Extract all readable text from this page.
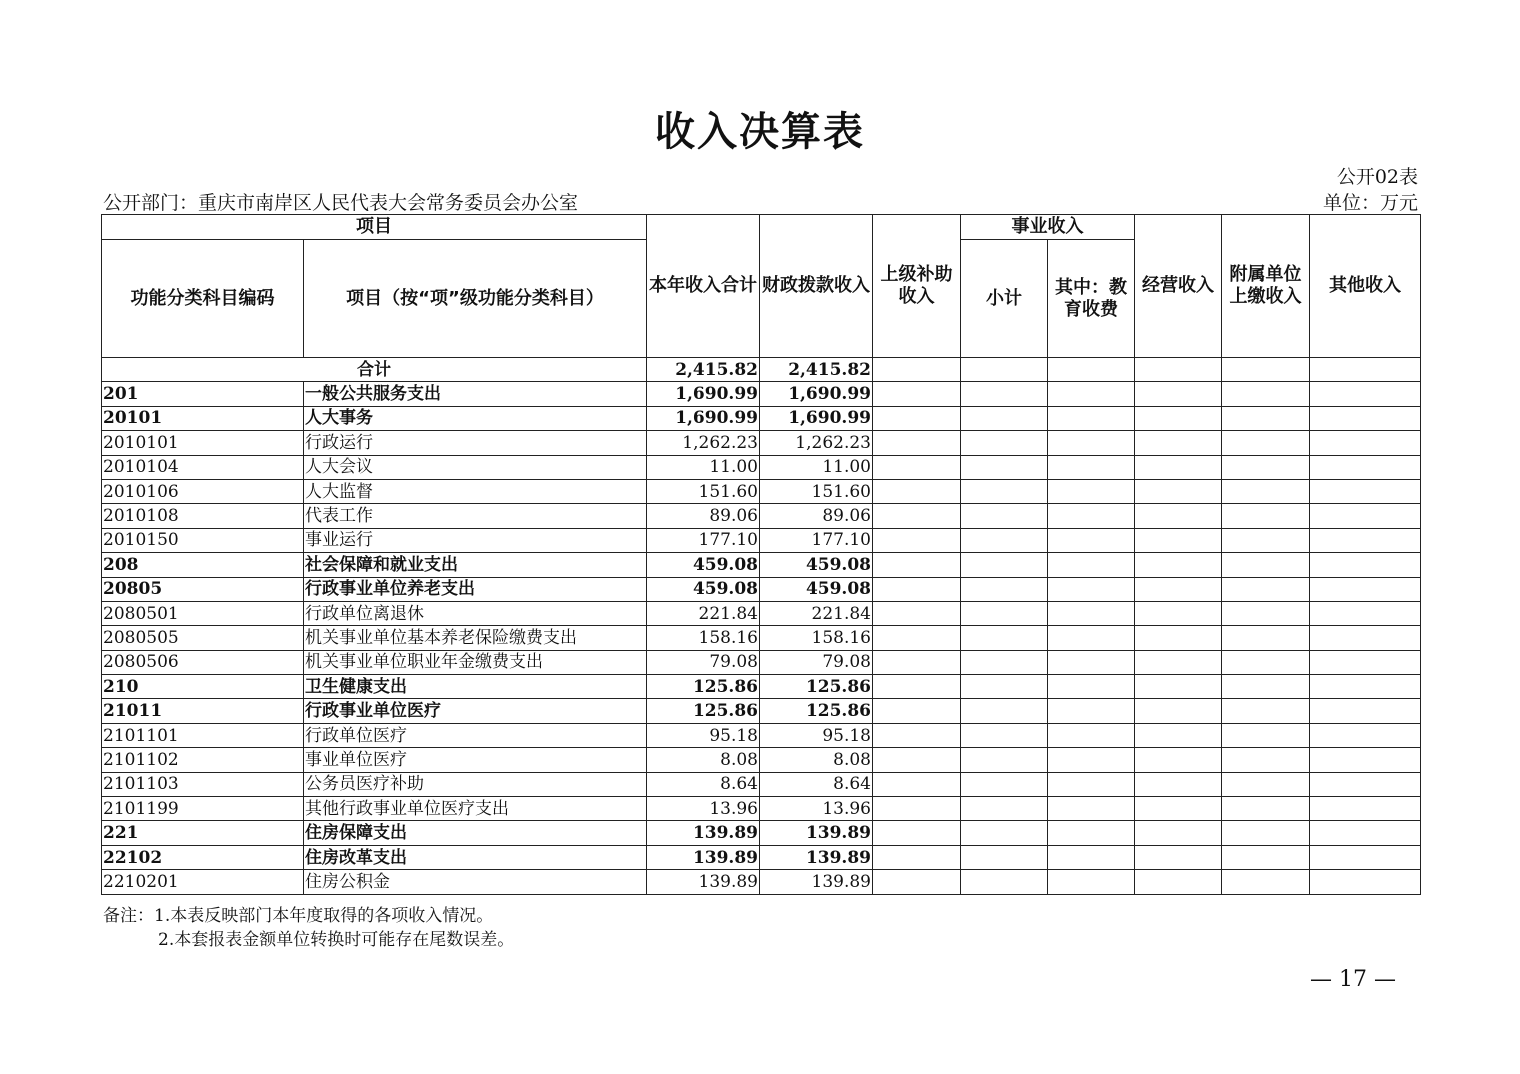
收入决算表
公开02表
公开部门：重庆市南岸区人民代表大会常务委员会办公室	单位：万元
项目		本年收入合计	财政拨款收入	上级补助收入	事业收入		经营收入	附属单位上缴收入	其他收入
功能分类科目编码	项目（按“项”级功能分类科目）				小计	其中：教育收费			
合计		2,415.82	2,415.82						
201	一般公共服务支出	1,690.99	1,690.99						
20101	人大事务	1,690.99	1,690.99						
2010101	行政运行	1,262.23	1,262.23						
2010104	人大会议	11.00	11.00						
2010106	人大监督	151.60	151.60						
2010108	代表工作	89.06	89.06						
2010150	事业运行	177.10	177.10						
208	社会保障和就业支出	459.08	459.08						
20805	行政事业单位养老支出	459.08	459.08						
2080501	行政单位离退休	221.84	221.84						
2080505	机关事业单位基本养老保险缴费支出	158.16	158.16						
2080506	机关事业单位职业年金缴费支出	79.08	79.08						
210	卫生健康支出	125.86	125.86						
21011	行政事业单位医疗	125.86	125.86						
2101101	行政单位医疗	95.18	95.18						
2101102	事业单位医疗	8.08	8.08						
2101103	公务员医疗补助	8.64	8.64						
2101199	其他行政事业单位医疗支出	13.96	13.96						
221	住房保障支出	139.89	139.89						
22102	住房改革支出	139.89	139.89						
2210201	住房公积金	139.89	139.89						
备注：1.本表反映部门本年度取得的各项收入情况。
2.本套报表金额单位转换时可能存在尾数误差。
— 17 —
